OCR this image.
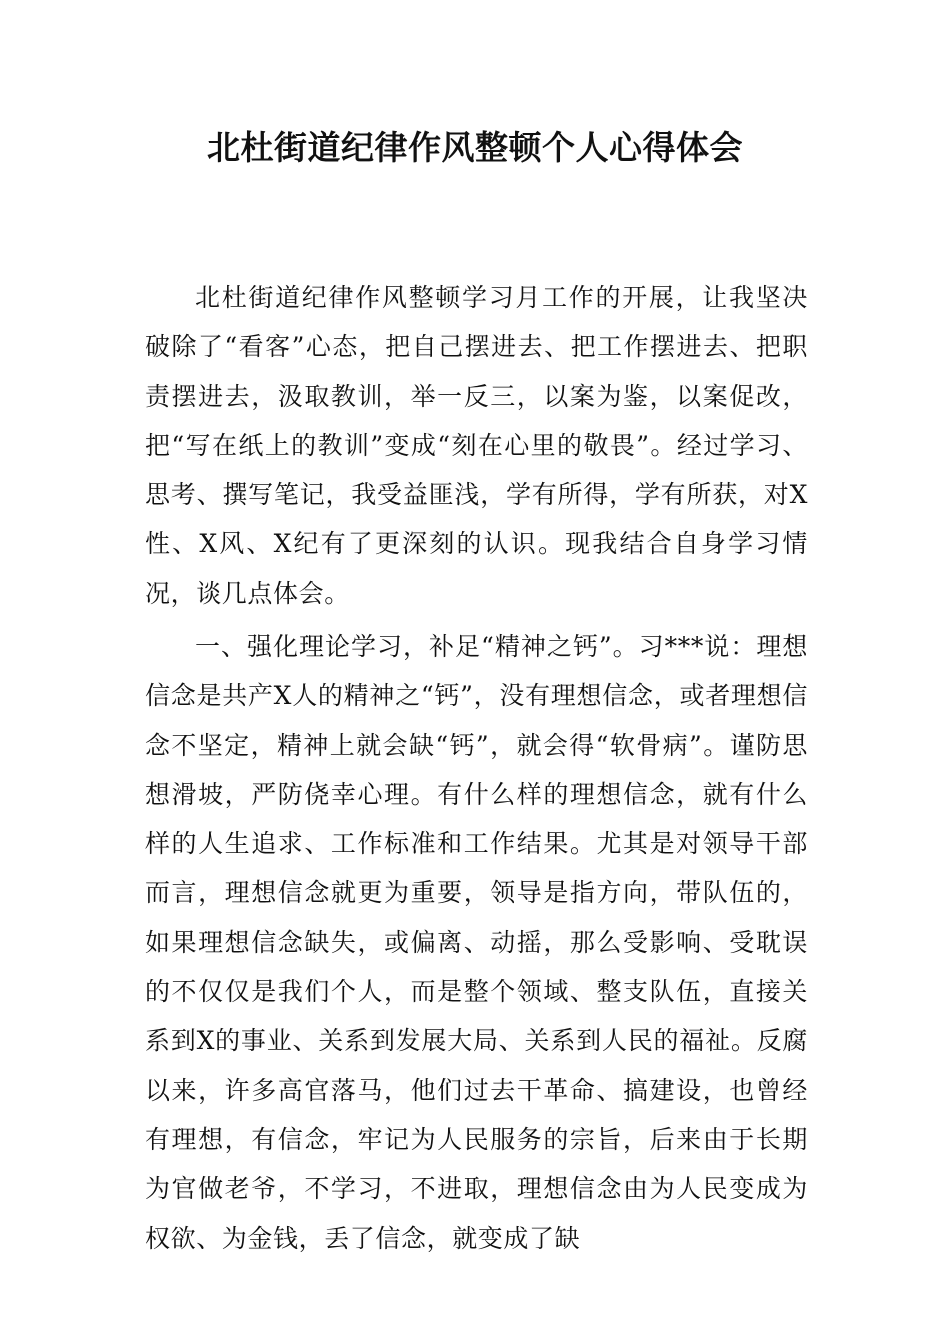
北杜街道纪律作风整顿个人心得体会

北杜街道纪律作风整顿学习月工作的开展，让我坚决破除了“看客”心态，把自己摆进去、把工作摆进去、把职责摆进去，汲取教训，举一反三，以案为鉴，以案促改，把“写在纸上的教训”变成“刻在心里的敬畏”。经过学习、思考、撰写笔记，我受益匪浅，学有所得，学有所获，对X性、X风、X纪有了更深刻的认识。现我结合自身学习情况，谈几点体会。

一、强化理论学习，补足“精神之钙”。习***说：理想信念是共产X人的精神之“钙”，没有理想信念，或者理想信念不坚定，精神上就会缺“钙”，就会得“软骨病”。谨防思想滑坡，严防侥幸心理。有什么样的理想信念，就有什么样的人生追求、工作标准和工作结果。尤其是对领导干部而言，理想信念就更为重要，领导是指方向，带队伍的，如果理想信念缺失，或偏离、动摇，那么受影响、受耽误的不仅仅是我们个人，而是整个领域、整支队伍，直接关系到X的事业、关系到发展大局、关系到人民的福祉。反腐以来，许多高官落马，他们过去干革命、搞建设，也曾经有理想，有信念，牢记为人民服务的宗旨，后来由于长期为官做老爷，不学习，不进取，理想信念由为人民变成为权欲、为金钱，丢了信念，就变成了缺
